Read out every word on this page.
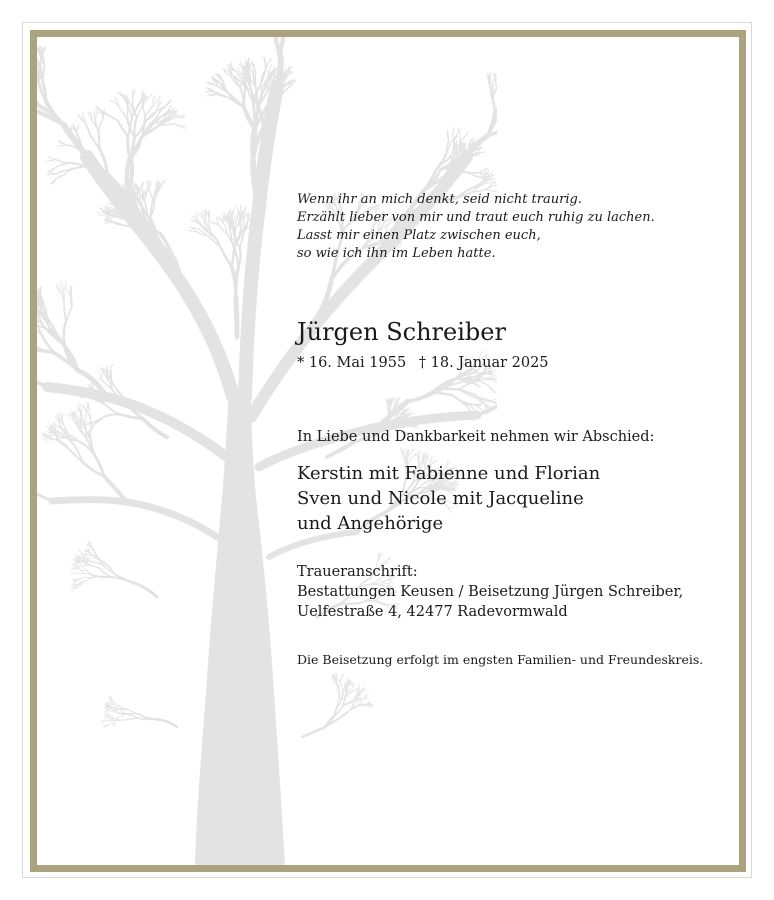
Wenn ihr an mich denkt, seid nicht traurig.
Erzählt lieber von mir und traut euch ruhig zu lachen.
Lasst mir einen Platz zwischen euch,
so wie ich ihn im Leben hatte.
Jürgen Schreiber
* 16. Mai 1955 † 18. Januar 2025
In Liebe und Dankbarkeit nehmen wir Abschied:
Kerstin mit Fabienne und Florian
Sven und Nicole mit Jacqueline
und Angehörige
Traueranschrift:
Bestattungen Keusen / Beisetzung Jürgen Schreiber,
Uelfestraße 4, 42477 Radevormwald
Die Beisetzung erfolgt im engsten Familien- und Freundeskreis.
